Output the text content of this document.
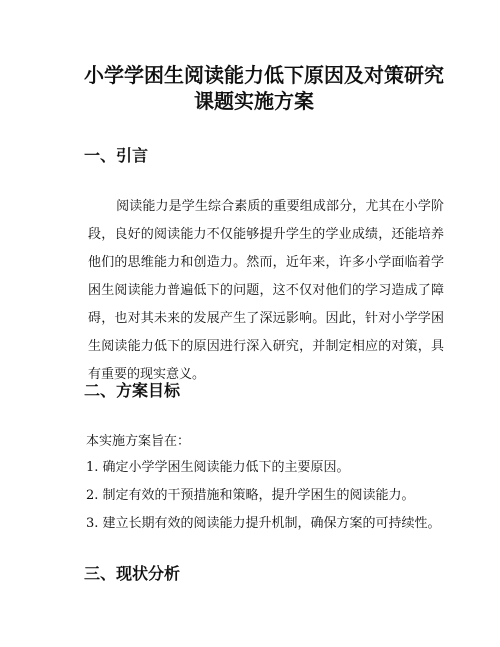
小学学困生阅读能力低下原因及对策研究
课题实施方案
一、引言

阅读能力是学生综合素质的重要组成部分，尤其在小学阶段，良好的阅读能力不仅能够提升学生的学业成绩，还能培养他们的思维能力和创造力。然而，近年来，许多小学面临着学困生阅读能力普遍低下的问题，这不仅对他们的学习造成了障碍，也对其未来的发展产生了深远影响。因此，针对小学学困生阅读能力低下的原因进行深入研究，并制定相应的对策，具有重要的现实意义。

二、方案目标

本实施方案旨在：

1. 确定小学学困生阅读能力低下的主要原因。
2. 制定有效的干预措施和策略，提升学困生的阅读能力。
3. 建立长期有效的阅读能力提升机制，确保方案的可持续性。
三、现状分析
